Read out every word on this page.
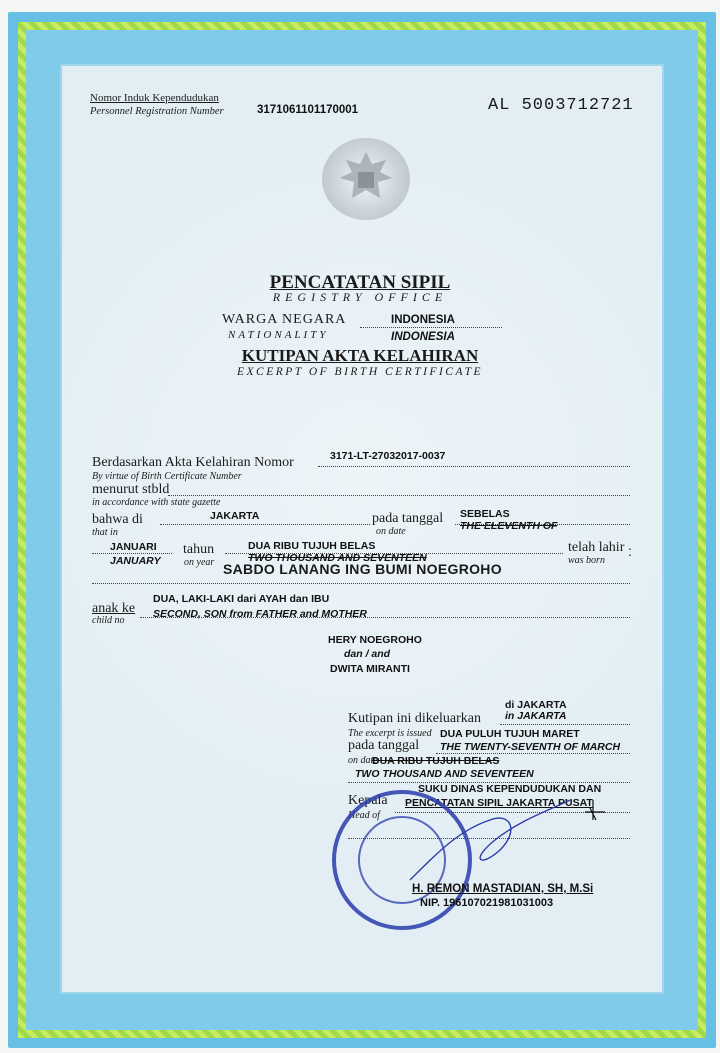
Nomor Induk Kependudukan
Personnel Registration Number	3171061101170001	AL 5003712721
PENCATATAN SIPIL
REGISTRY OFFICE
WARGA NEGARA
NATIONALITY
INDONESIA
INDONESIA
KUTIPAN AKTA KELAHIRAN
EXCERPT OF BIRTH CERTIFICATE
Berdasarkan Akta Kelahiran Nomor
By virtue of Birth Certificate Number
3171-LT-27032017-0037
menurut stbld
in accordance with state gazette
bahwa di
that in
JAKARTA	pada tanggal
on date
SEBELAS
THE ELEVENTH OF
JANUARI
JANUARY
tahun
on year
DUA RIBU TUJUH BELAS
TWO THOUSAND AND SEVENTEEN
telah lahir
was born
:
SABDO LANANG ING BUMI NOEGROHO
anak ke
child no
DUA, LAKI-LAKI dari AYAH dan IBU
SECOND, SON from FATHER and MOTHER
HERY NOEGROHO
dan / and
DWITA MIRANTI
di JAKARTA
Kutipan ini dikeluarkan in JAKARTA
The excerpt is issued DUA PULUH TUJUH MARET
pada tanggal THE TWENTY-SEVENTH OF MARCH
on date
DUA RIBU TUJUH BELAS
TWO THOUSAND AND SEVENTEEN
Kepala
Head of
SUKU DINAS KEPENDUDUKAN DAN
PENCATATAN SIPIL JAKARTA PUSAT
H. REMON MASTADIAN, SH, M.Si
NIP. 196107021981031003
